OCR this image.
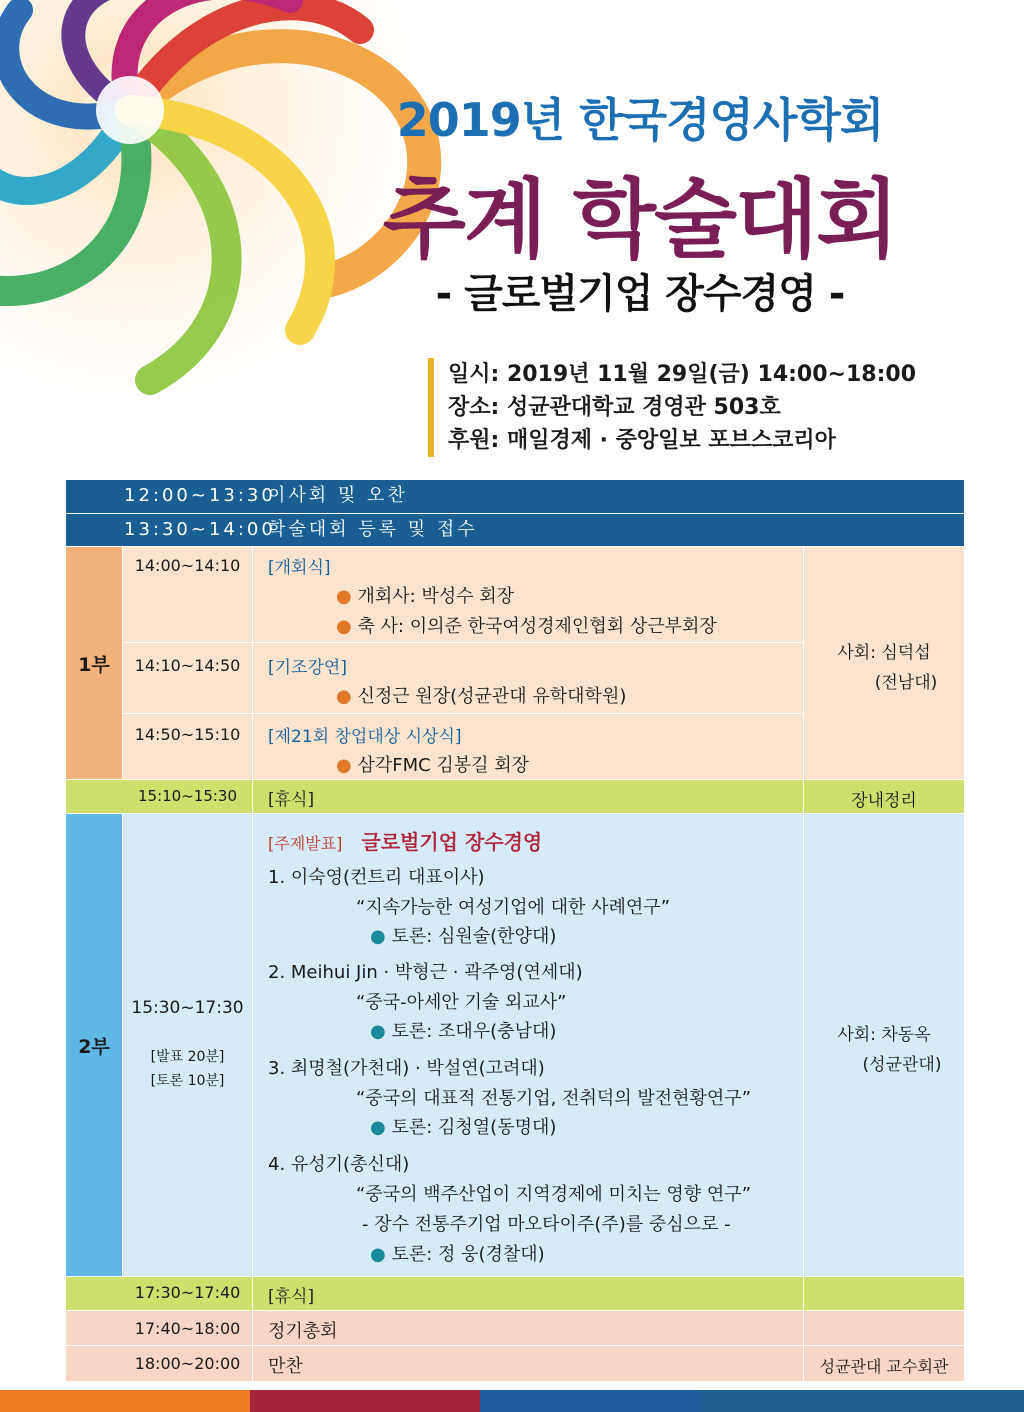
2019년 한국경영사학회
추계 학술대회
- 글로벌기업 장수경영 -
일시: 2019년 11월 29일(금) 14:00~18:00
장소: 성균관대학교 경영관 503호
후원: 매일경제 · 중앙일보 포브스코리아
12:00~13:30
이사회 및 오찬
13:30~14:00
학술대회 등록 및 접수
1부
14:00~14:10	[개회식]
● 개회사: 박성수 회장
● 축 사: 이의준 한국여성경제인협회 상근부회장
14:10~14:50	[기조강연]
● 신정근 원장(성균관대 유학대학원)
14:50~15:10	[제21회 창업대상 시상식]
● 삼각FMC 김봉길 회장
사회: 심덕섭
(전남대)
15:10~15:30	[휴식]	장내정리
2부
15:30~17:30
[발표 20분]
[토론 10분]
[주제발표] 글로벌기업 장수경영
1. 이숙영(컨트리 대표이사)
“지속가능한 여성기업에 대한 사례연구”
● 토론: 심원술(한양대)
2. Meihui Jin · 박형근 · 곽주영(연세대)
“중국-아세안 기술 외교사”
● 토론: 조대우(충남대)
3. 최명철(가천대) · 박설연(고려대)
“중국의 대표적 전통기업, 전취덕의 발전현황연구”
● 토론: 김청열(동명대)
4. 유성기(총신대)
“중국의 백주산업이 지역경제에 미치는 영향 연구”
- 장수 전통주기업 마오타이주(주)를 중심으로 -
● 토론: 정 웅(경찰대)
사회: 차동옥
(성균관대)
17:30~17:40	[휴식]
17:40~18:00	정기총회
18:00~20:00	만찬	성균관대 교수회관
